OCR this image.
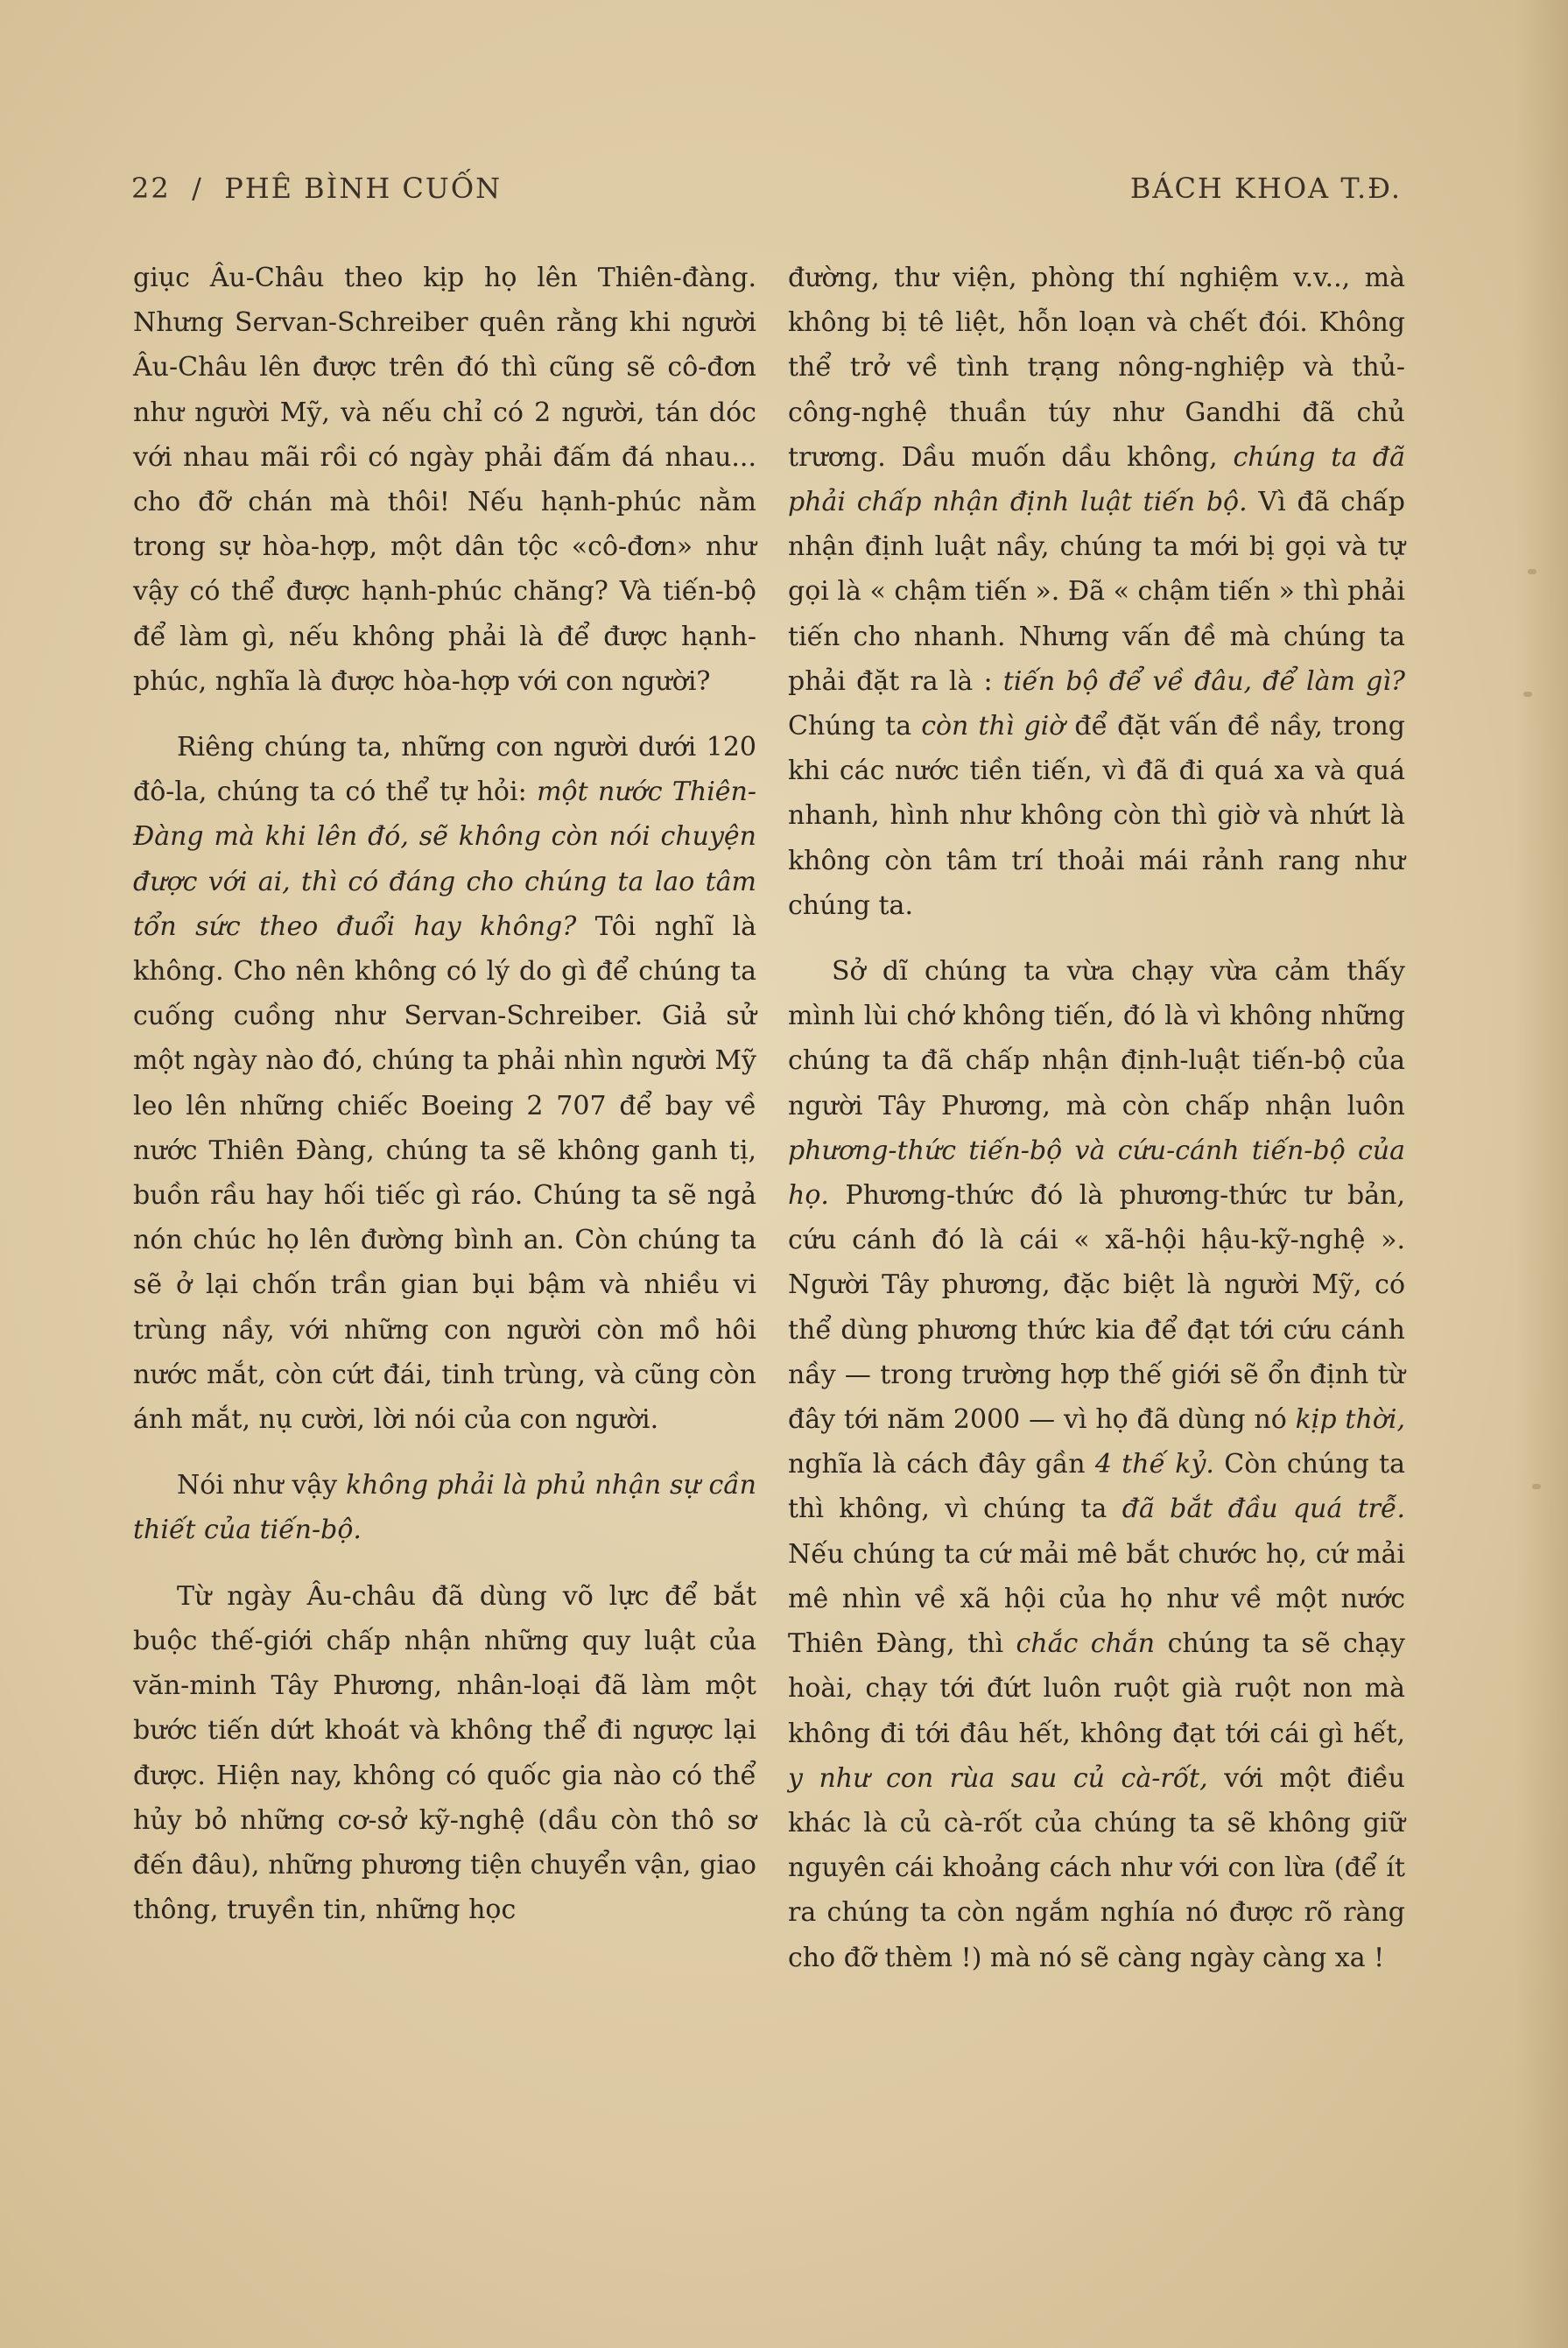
22 / PHÊ BÌNH CUỐN	BÁCH KHOA T.Đ.

giục Âu-Châu theo kịp họ lên Thiên-đàng. Nhưng Servan-Schreiber quên rằng khi người Âu-Châu lên được trên đó thì cũng sẽ cô-đơn như người Mỹ, và nếu chỉ có 2 người, tán dóc với nhau mãi rồi có ngày phải đấm đá nhau... cho đỡ chán mà thôi! Nếu hạnh-phúc nằm trong sự hòa-hợp, một dân tộc «cô-đơn» như vậy có thể được hạnh-phúc chăng? Và tiến-bộ để làm gì, nếu không phải là để được hạnh-phúc, nghĩa là được hòa-hợp với con người?

Riêng chúng ta, những con người dưới 120 đô-la, chúng ta có thể tự hỏi: một nước Thiên-Đàng mà khi lên đó, sẽ không còn nói chuyện được với ai, thì có đáng cho chúng ta lao tâm tổn sức theo đuổi hay không? Tôi nghĩ là không. Cho nên không có lý do gì để chúng ta cuống cuồng như Servan-Schreiber. Giả sử một ngày nào đó, chúng ta phải nhìn người Mỹ leo lên những chiếc Boeing 2 707 để bay về nước Thiên Đàng, chúng ta sẽ không ganh tị, buồn rầu hay hối tiếc gì ráo. Chúng ta sẽ ngả nón chúc họ lên đường bình an. Còn chúng ta sẽ ở lại chốn trần gian bụi bậm và nhiều vi trùng nầy, với những con người còn mồ hôi nước mắt, còn cứt đái, tinh trùng, và cũng còn ánh mắt, nụ cười, lời nói của con người.

Nói như vậy không phải là phủ nhận sự cần thiết của tiến-bộ.

Từ ngày Âu-châu đã dùng võ lực để bắt buộc thế-giới chấp nhận những quy luật của văn-minh Tây Phương, nhân-loại đã làm một bước tiến dứt khoát và không thể đi ngược lại được. Hiện nay, không có quốc gia nào có thể hủy bỏ những cơ-sở kỹ-nghệ (dầu còn thô sơ đến đâu), những phương tiện chuyển vận, giao thông, truyền tin, những học

đường, thư viện, phòng thí nghiệm v.v.., mà không bị tê liệt, hỗn loạn và chết đói. Không thể trở về tình trạng nông-nghiệp và thủ-công-nghệ thuần túy như Gandhi đã chủ trương. Dầu muốn dầu không, chúng ta đã phải chấp nhận định luật tiến bộ. Vì đã chấp nhận định luật nầy, chúng ta mới bị gọi và tự gọi là « chậm tiến ». Đã « chậm tiến » thì phải tiến cho nhanh. Nhưng vấn đề mà chúng ta phải đặt ra là : tiến bộ để về đâu, để làm gì? Chúng ta còn thì giờ để đặt vấn đề nầy, trong khi các nước tiền tiến, vì đã đi quá xa và quá nhanh, hình như không còn thì giờ và nhứt là không còn tâm trí thoải mái rảnh rang như chúng ta.

Sở dĩ chúng ta vừa chạy vừa cảm thấy mình lùi chớ không tiến, đó là vì không những chúng ta đã chấp nhận định-luật tiến-bộ của người Tây Phương, mà còn chấp nhận luôn phương-thức tiến-bộ và cứu-cánh tiến-bộ của họ. Phương-thức đó là phương-thức tư bản, cứu cánh đó là cái « xã-hội hậu-kỹ-nghệ ». Người Tây phương, đặc biệt là người Mỹ, có thể dùng phương thức kia để đạt tới cứu cánh nầy — trong trường hợp thế giới sẽ ổn định từ đây tới năm 2000 — vì họ đã dùng nó kịp thời, nghĩa là cách đây gần 4 thế kỷ. Còn chúng ta thì không, vì chúng ta đã bắt đầu quá trễ. Nếu chúng ta cứ mải mê bắt chước họ, cứ mải mê nhìn về xã hội của họ như về một nước Thiên Đàng, thì chắc chắn chúng ta sẽ chạy hoài, chạy tới đứt luôn ruột già ruột non mà không đi tới đâu hết, không đạt tới cái gì hết, y như con rùa sau củ cà-rốt, với một điều khác là củ cà-rốt của chúng ta sẽ không giữ nguyên cái khoảng cách như với con lừa (để ít ra chúng ta còn ngắm nghía nó được rõ ràng cho đỡ thèm !) mà nó sẽ càng ngày càng xa !
